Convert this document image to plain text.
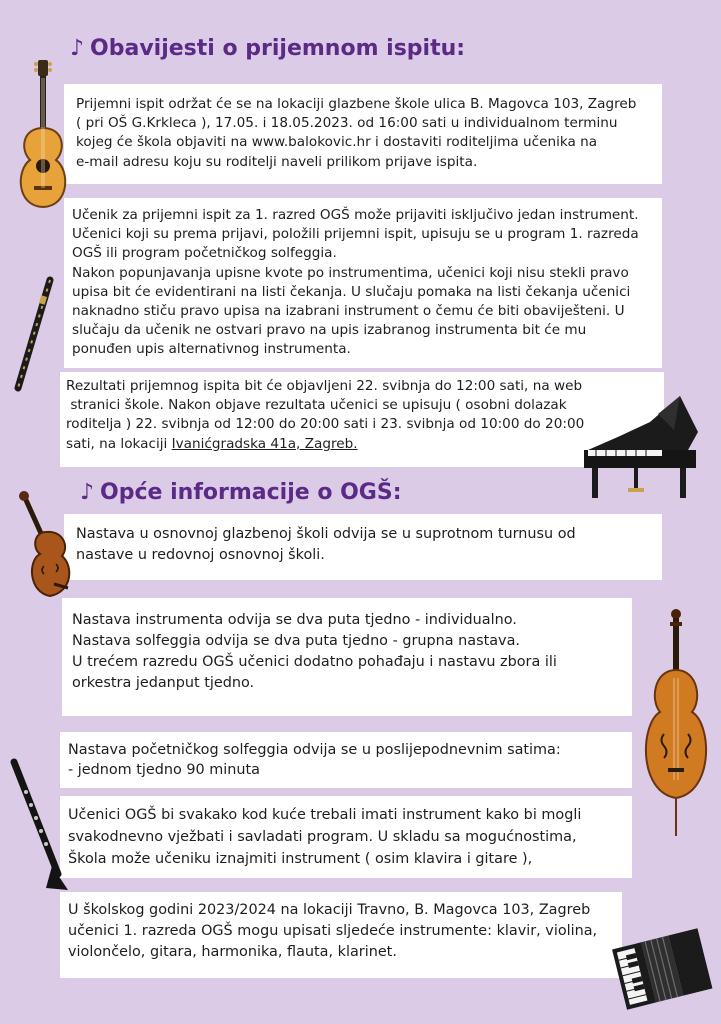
♪ Obavijesti o prijemnom ispitu:

Prijemni ispit održat će se na lokaciji glazbene škole ulica B. Magovca 103, Zagreb
( pri OŠ G.Krkleca ), 17.05. i 18.05.2023. od 16:00 sati u individualnom terminu
kojeg će škola objaviti na www.balokovic.hr i dostaviti roditeljima učenika na
e-mail adresu koju su roditelji naveli prilikom prijave ispita.

Učenik za prijemni ispit za 1. razred OGŠ može prijaviti isključivo jedan instrument.
Učenici koji su prema prijavi, položili prijemni ispit, upisuju se u program 1. razreda
OGŠ ili program početničkog solfeggia.
Nakon popunjavanja upisne kvote po instrumentima, učenici koji nisu stekli pravo
upisa bit će evidentirani na listi čekanja. U slučaju pomaka na listi čekanja učenici
naknadno stiču pravo upisa na izabrani instrument o čemu će biti obaviješteni. U
slučaju da učenik ne ostvari pravo na upis izabranog instrumenta bit će mu
ponuđen upis alternativnog instrumenta.

Rezultati prijemnog ispita bit će objavljeni 22. svibnja do 12:00 sati, na web
stranici škole. Nakon objave rezultata učenici se upisuju ( osobni dolazak
roditelja ) 22. svibnja od 12:00 do 20:00 sati i 23. svibnja od 10:00 do 20:00
sati, na lokaciji Ivanićgradska 41a, Zagreb.

♪ Opće informacije o OGŠ:

Nastava u osnovnoj glazbenoj školi odvija se u suprotnom turnusu od
nastave u redovnoj osnovnoj školi.

Nastava instrumenta odvija se dva puta tjedno - individualno.
Nastava solfeggia odvija se dva puta tjedno - grupna nastava.
U trećem razredu OGŠ učenici dodatno pohađaju i nastavu zbora ili
orkestra jedanput tjedno.

Nastava početničkog solfeggia odvija se u poslijepodnevnim satima:
- jednom tjedno 90 minuta

Učenici OGŠ bi svakako kod kuće trebali imati instrument kako bi mogli
svakodnevno vježbati i savladati program. U skladu sa mogućnostima,
Škola može učeniku iznajmiti instrument ( osim klavira i gitare ),

U školskog godini 2023/2024 na lokaciji Travno, B. Magovca 103, Zagreb
učenici 1. razreda OGŠ mogu upisati sljedeće instrumente: klavir, violina,
violončelo, gitara, harmonika, flauta, klarinet.
